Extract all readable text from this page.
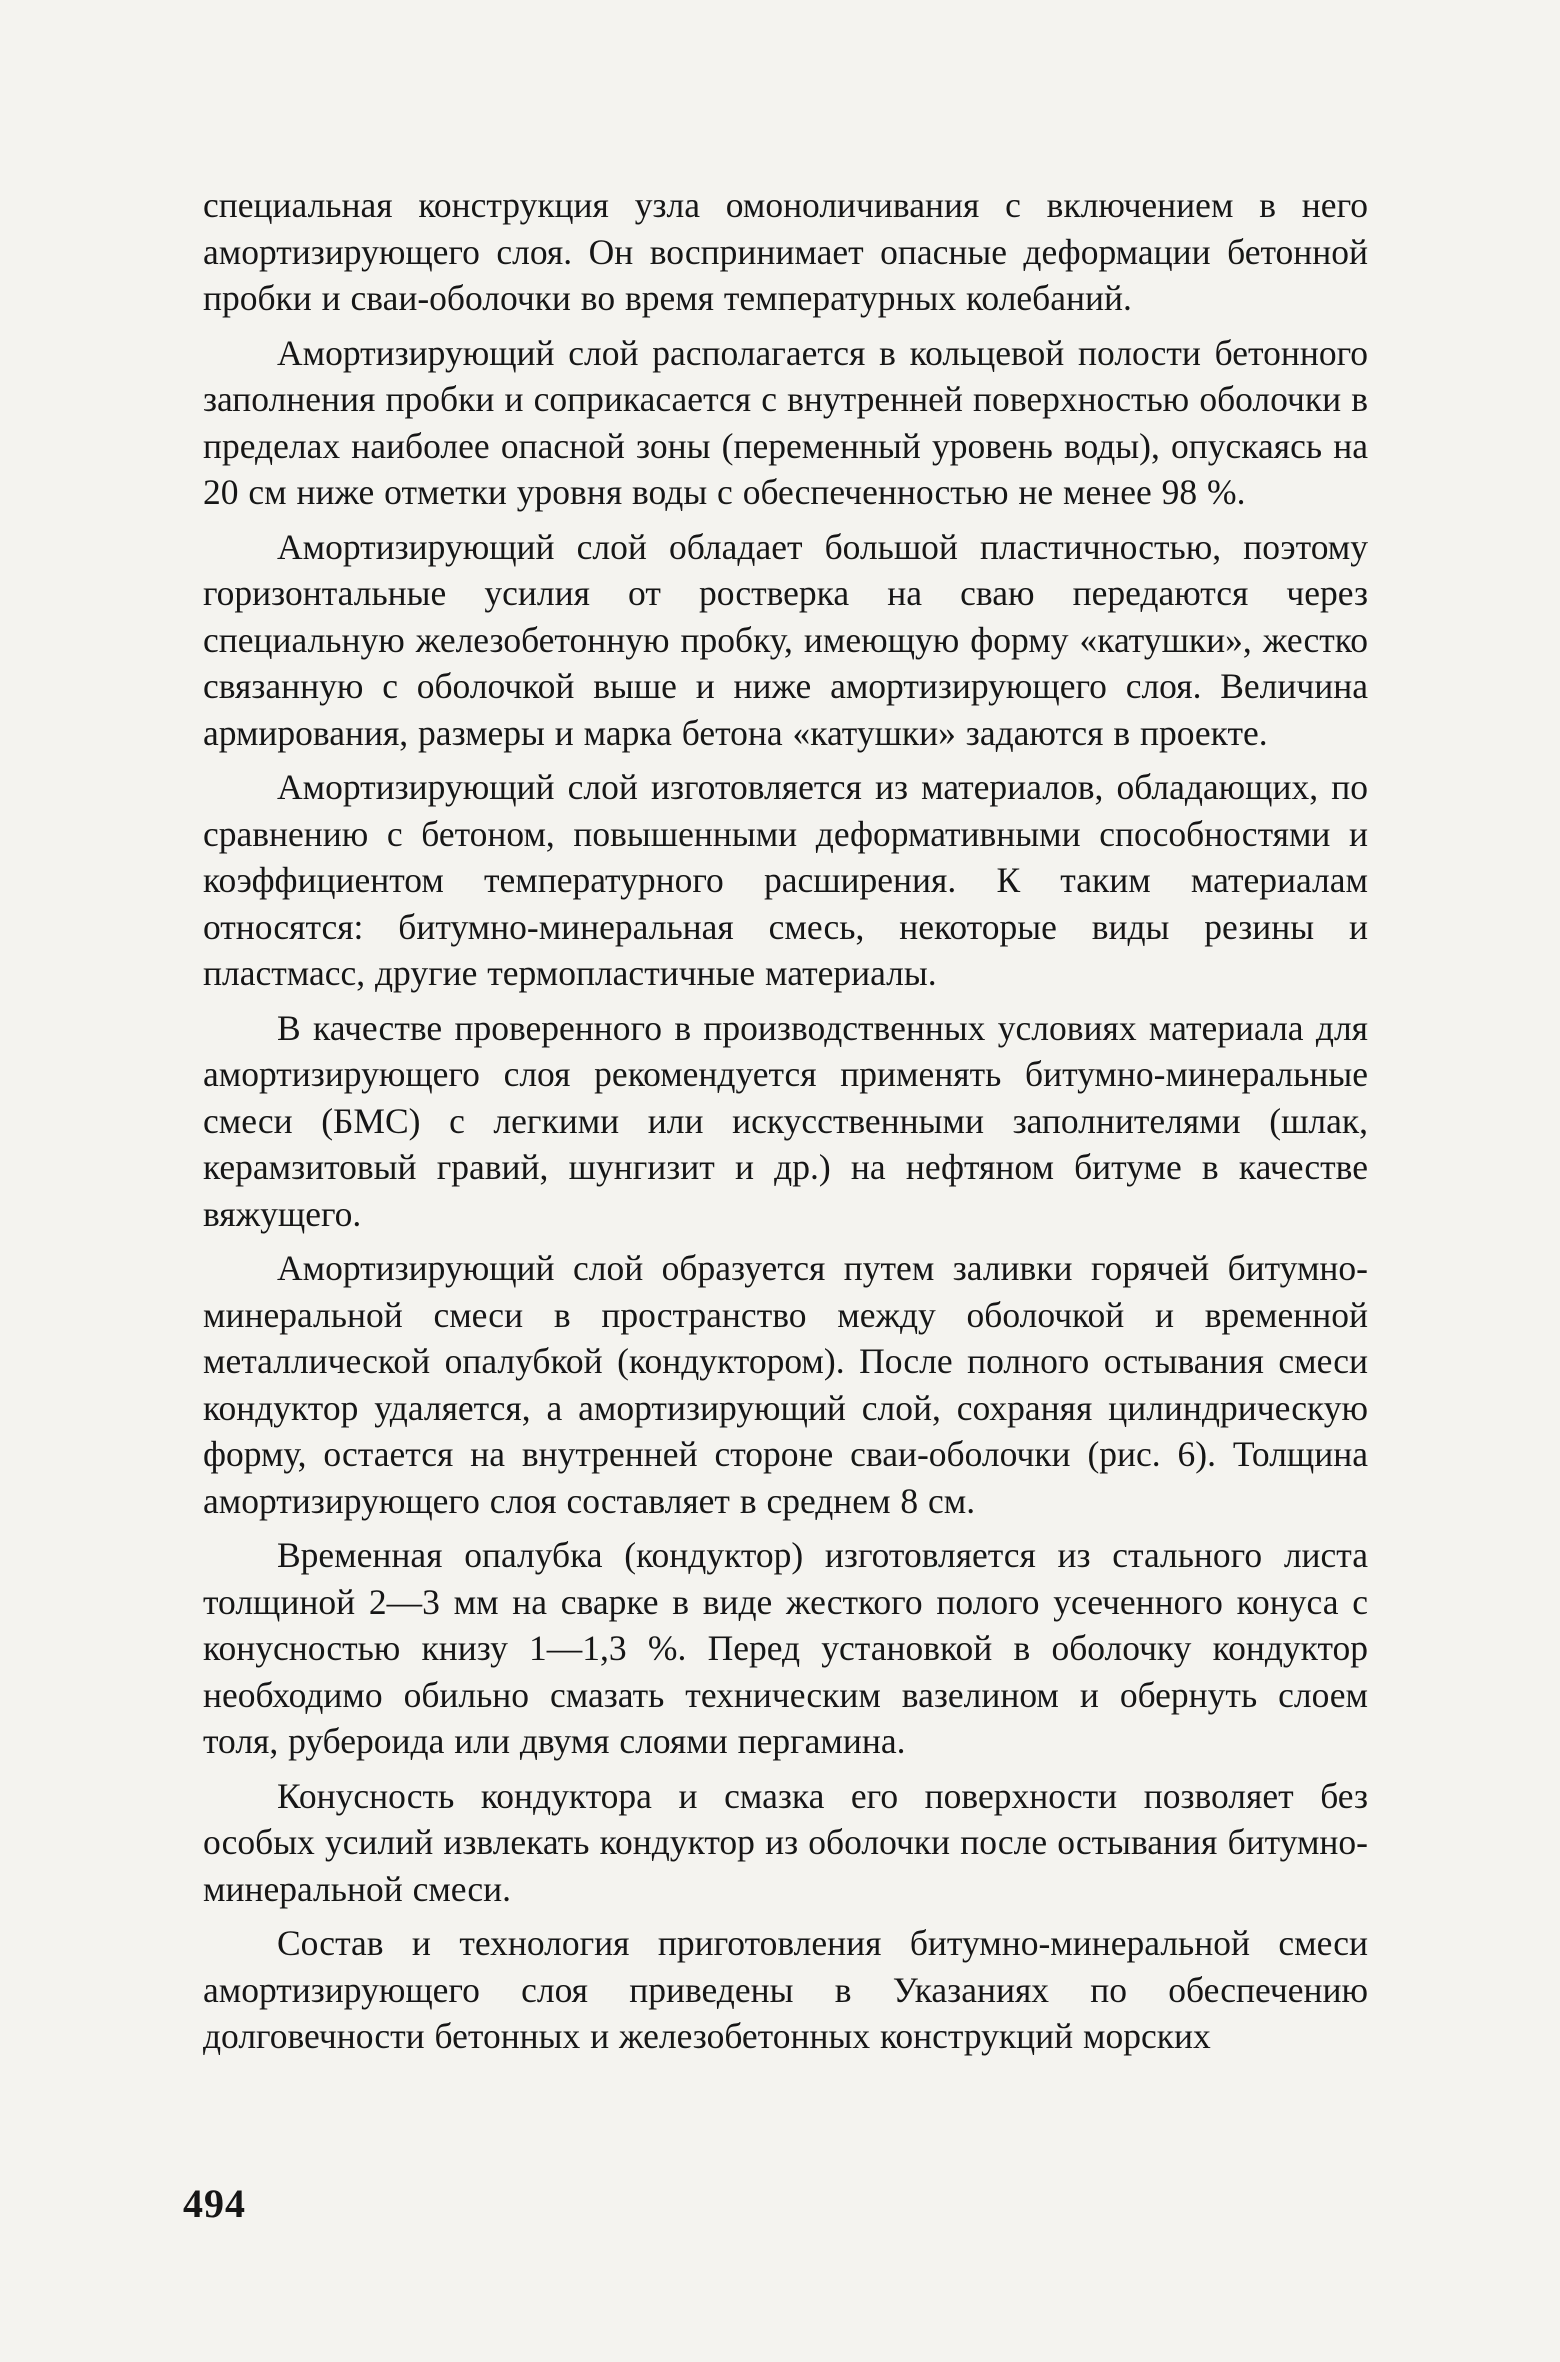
специальная конструкция узла омоноличивания с включением в него амортизирующего слоя. Он воспринимает опасные деформации бетонной пробки и сваи-оболочки во время температурных колебаний.

Амортизирующий слой располагается в кольцевой полости бетонного заполнения пробки и соприкасается с внутренней поверхностью оболочки в пределах наиболее опасной зоны (переменный уровень воды), опускаясь на 20 см ниже отметки уровня воды с обеспеченностью не менее 98 %.

Амортизирующий слой обладает большой пластичностью, поэтому горизонтальные усилия от ростверка на сваю передаются через специальную железобетонную пробку, имеющую форму «катушки», жестко связанную с оболочкой выше и ниже амортизирующего слоя. Величина армирования, размеры и марка бетона «катушки» задаются в проекте.

Амортизирующий слой изготовляется из материалов, обладающих, по сравнению с бетоном, повышенными деформативными способностями и коэффициентом температурного расширения. К таким материалам относятся: битумно-минеральная смесь, некоторые виды резины и пластмасс, другие термопластичные материалы.

В качестве проверенного в производственных условиях материала для амортизирующего слоя рекомендуется применять битумно-минеральные смеси (БМС) с легкими или искусственными заполнителями (шлак, керамзитовый гравий, шунгизит и др.) на нефтяном битуме в качестве вяжущего.

Амортизирующий слой образуется путем заливки горячей битумно-минеральной смеси в пространство между оболочкой и временной металлической опалубкой (кондуктором). После полного остывания смеси кондуктор удаляется, а амортизирующий слой, сохраняя цилиндрическую форму, остается на внутренней стороне сваи-оболочки (рис. 6). Толщина амортизирующего слоя составляет в среднем 8 см.

Временная опалубка (кондуктор) изготовляется из стального листа толщиной 2—3 мм на сварке в виде жесткого полого усеченного конуса с конусностью книзу 1—1,3 %. Перед установкой в оболочку кондуктор необходимо обильно смазать техническим вазелином и обернуть слоем толя, рубероида или двумя слоями пергамина.

Конусность кондуктора и смазка его поверхности позволяет без особых усилий извлекать кондуктор из оболочки после остывания битумно-минеральной смеси.

Состав и технология приготовления битумно-минеральной смеси амортизирующего слоя приведены в Указаниях по обеспечению долговечности бетонных и железобетонных конструкций морских

494
